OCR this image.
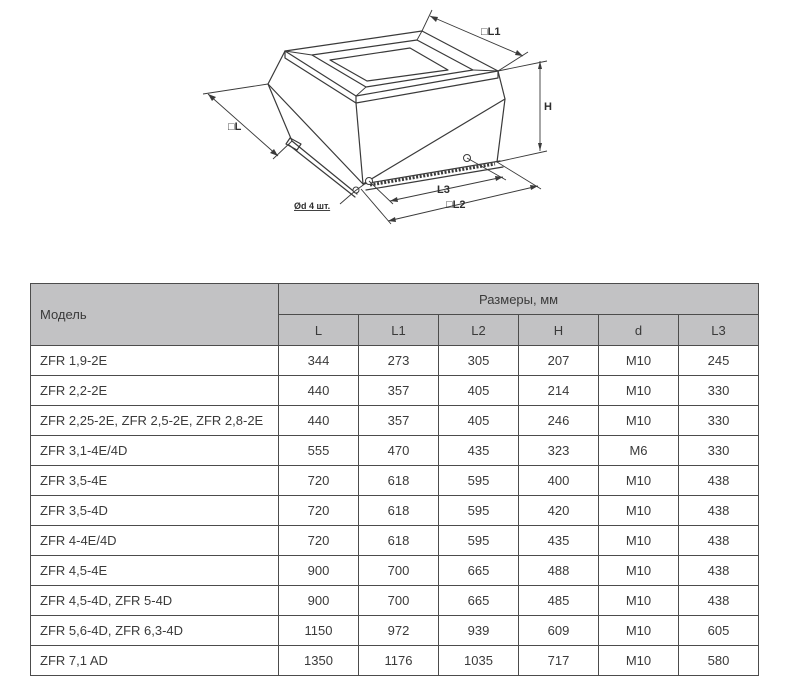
□L1
H
□L
L3
□L2
Ød 4 шт.
Модель	Размеры, мм					
	L	L1	L2	H	d	L3
ZFR 1,9-2E	344	273	305	207	M10	245
ZFR 2,2-2E	440	357	405	214	M10	330
ZFR 2,25-2E, ZFR 2,5-2E, ZFR 2,8-2E	440	357	405	246	M10	330
ZFR 3,1-4E/4D	555	470	435	323	M6	330
ZFR 3,5-4E	720	618	595	400	M10	438
ZFR 3,5-4D	720	618	595	420	M10	438
ZFR 4-4E/4D	720	618	595	435	M10	438
ZFR 4,5-4E	900	700	665	488	M10	438
ZFR 4,5-4D, ZFR 5-4D	900	700	665	485	M10	438
ZFR 5,6-4D, ZFR 6,3-4D	1150	972	939	609	M10	605
ZFR 7,1 AD	1350	1176	1035	717	M10	580
